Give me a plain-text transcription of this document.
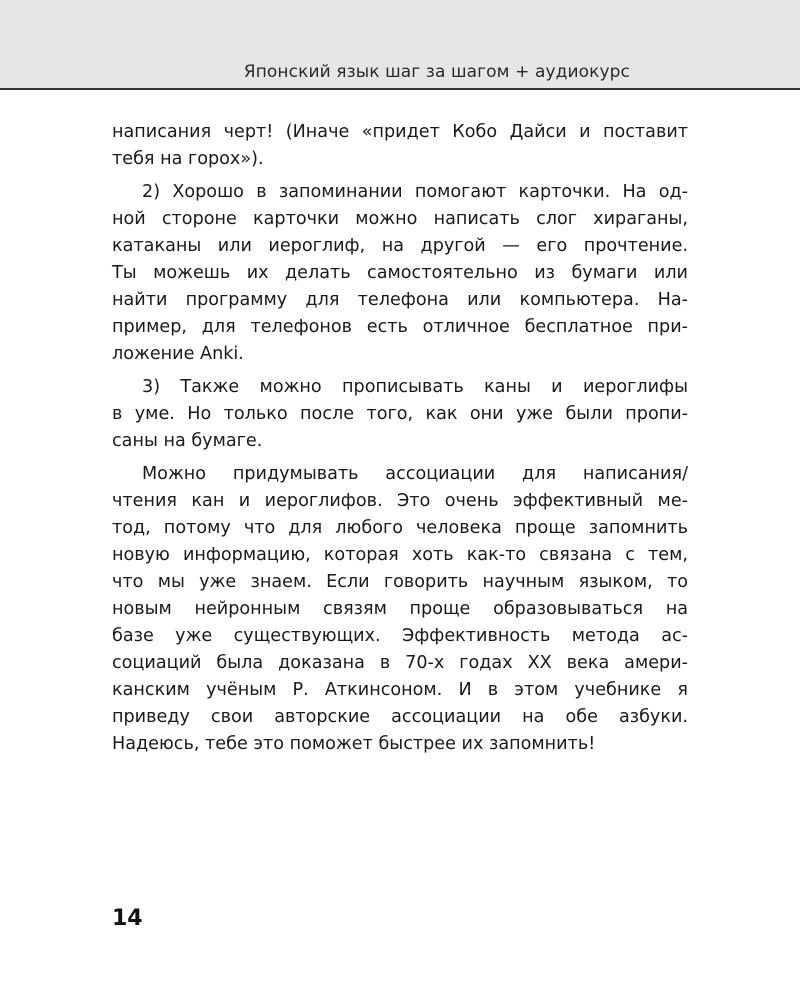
Японский язык шаг за шагом + аудиокурс
написания черт! (Иначе «придет Кобо Дайси и поставит
тебя на горох»).
2) Хорошо в запоминании помогают карточки. На од-
ной стороне карточки можно написать слог хираганы,
катаканы или иероглиф, на другой — его прочтение.
Ты можешь их делать самостоятельно из бумаги или
найти программу для телефона или компьютера. На-
пример, для телефонов есть отличное бесплатное при-
ложение Anki.
3) Также можно прописывать каны и иероглифы
в уме. Но только после того, как они уже были пропи-
саны на бумаге.
Можно придумывать ассоциации для написания/
чтения кан и иероглифов. Это очень эффективный ме-
тод, потому что для любого человека проще запомнить
новую информацию, которая хоть как-то связана с тем,
что мы уже знаем. Если говорить научным языком, то
новым нейронным связям проще образовываться на
базе уже существующих. Эффективность метода ас-
социаций была доказана в 70-х годах XX века амери-
канским учёным Р. Аткинсоном. И в этом учебнике я
приведу свои авторские ассоциации на обе азбуки.
Надеюсь, тебе это поможет быстрее их запомнить!
14
